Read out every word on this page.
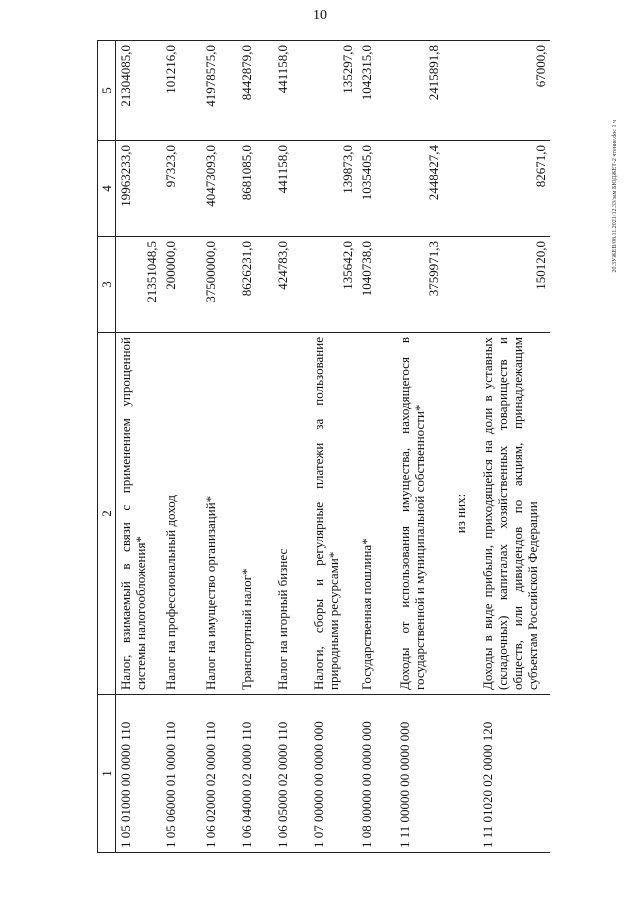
10
20.3УЖЕВ/08.11.2021/12.33/зам БЮДЖЕТ-2 чтение.doc 1 ч
1	2	3	4	5
1 05 01000 00 0000 110	Налог, взимаемый в связи с применением упрощенной системы налогообложения*	21351048,5	19963233,0	21304085,0
1 05 06000 01 0000 110	Налог на профессиональный доход	200000,0	97323,0	101216,0
1 06 02000 02 0000 110	Налог на имущество организаций*	37500000,0	40473093,0	41978575,0
1 06 04000 02 0000 110	Транспортный налог*	8626231,0	8681085,0	8442879,0
1 06 05000 02 0000 110	Налог на игорный бизнес	424783,0	441158,0	441158,0
1 07 00000 00 0000 000	Налоги, сборы и регулярные платежи за пользование природными ресурсами*	135642,0	139873,0	135297,0
1 08 00000 00 0000 000	Государственная пошлина*	1040738,0	1035405,0	1042315,0
1 11 00000 00 0000 000	Доходы от использования имущества, находящегося в государственной и муниципальной собственности*	3759971,3	2448427,4	2415891,8
	из них:			
1 11 01020 02 0000 120	Доходы в виде прибыли, приходящейся на доли в уставных (складочных) капиталах хозяйственных товариществ и обществ, или дивидендов по акциям, принадлежащим субъектам Российской Федерации	150120,0	82671,0	67000,0
